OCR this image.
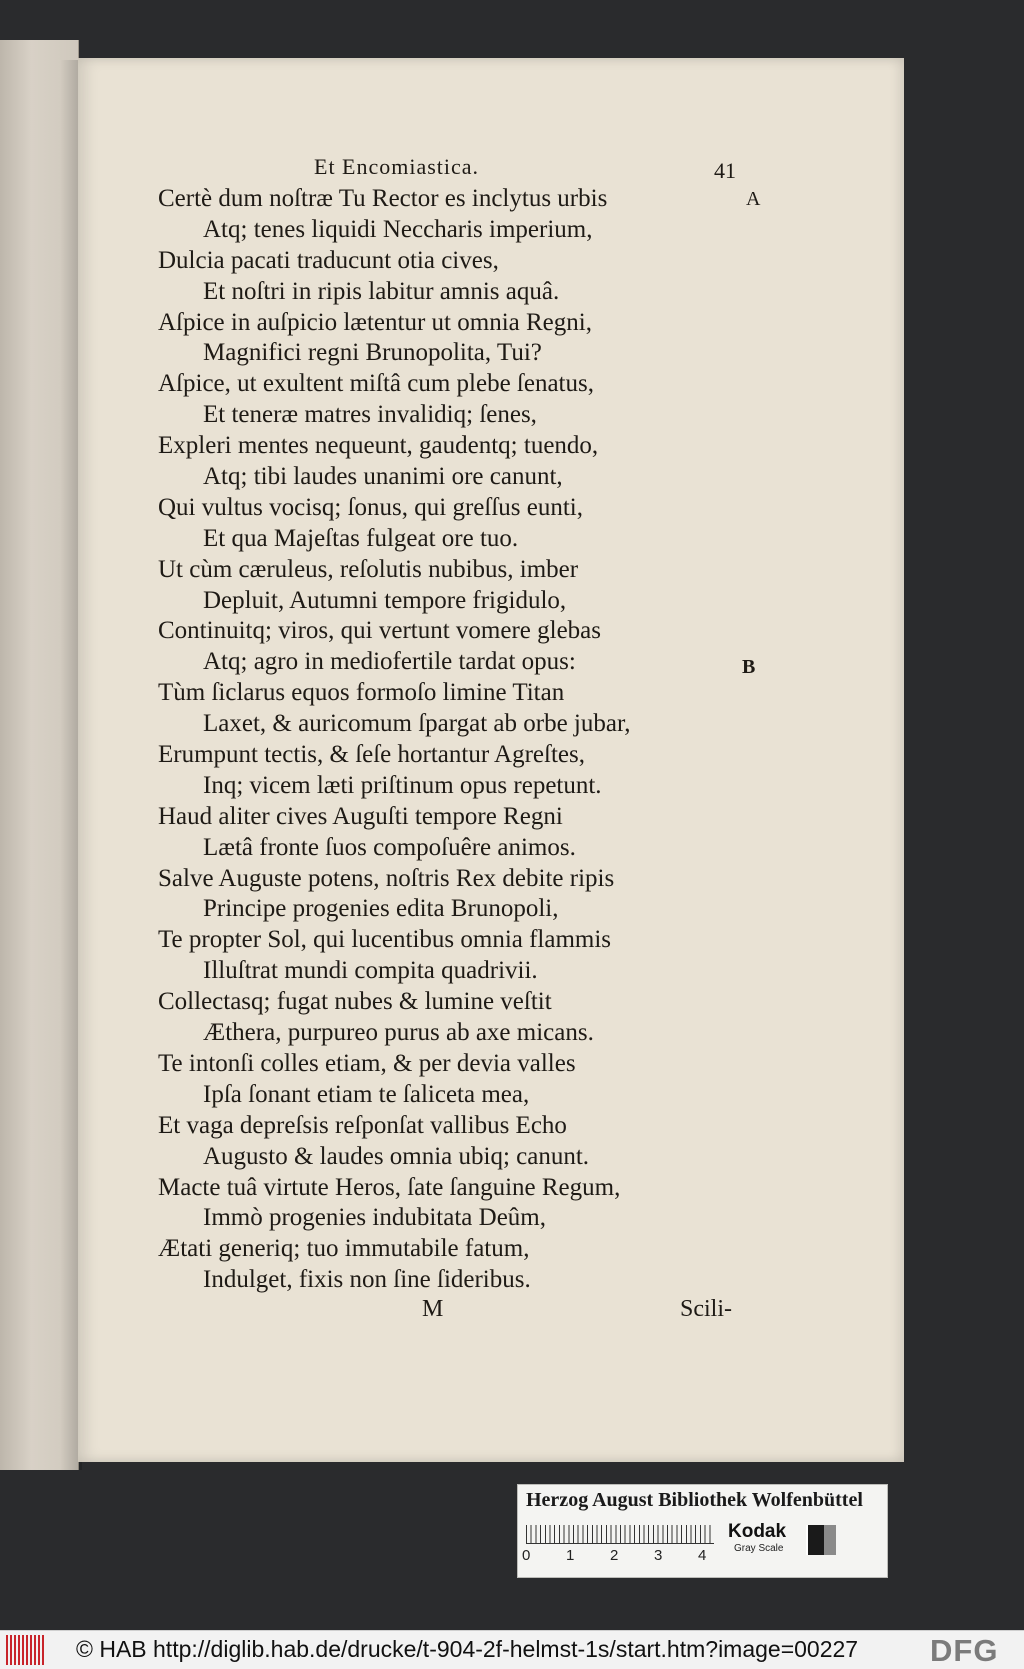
Et Encomiastica.	41
A
B
Certè dum noſtræ Tu Rector es inclytus urbis
Atq; tenes liquidi Neccharis imperium,
Dulcia pacati traducunt otia cives,
Et noſtri in ripis labitur amnis aquâ.
Aſpice in auſpicio lætentur ut omnia Regni,
Magnifici regni Brunopolita, Tui?
Aſpice, ut exultent miſtâ cum plebe ſenatus,
Et teneræ matres invalidiq; ſenes,
Expleri mentes nequeunt, gaudentq; tuendo,
Atq; tibi laudes unanimi ore canunt,
Qui vultus vocisq; ſonus, qui greſſus eunti,
Et qua Majeſtas fulgeat ore tuo.
Ut cùm cæruleus, reſolutis nubibus, imber
Depluit, Autumni tempore frigidulo,
Continuitq; viros, qui vertunt vomere glebas
Atq; agro in mediofertile tardat opus:
Tùm ſiclarus equos formoſo limine Titan
Laxet, & auricomum ſpargat ab orbe jubar,
Erumpunt tectis, & ſeſe hortantur Agreſtes,
Inq; vicem læti priſtinum opus repetunt.
Haud aliter cives Auguſti tempore Regni
Lætâ fronte ſuos compoſuêre animos.
Salve Auguste potens, noſtris Rex debite ripis
Principe progenies edita Brunopoli,
Te propter Sol, qui lucentibus omnia flammis
Illuſtrat mundi compita quadrivii.
Collectasq; fugat nubes & lumine veſtit
Æthera, purpureo purus ab axe micans.
Te intonſi colles etiam, & per devia valles
Ipſa ſonant etiam te ſaliceta mea,
Et vaga depreſsis reſponſat vallibus Echo
Augusto & laudes omnia ubiq; canunt.
Macte tuâ virtute Heros, ſate ſanguine Regum,
Immò progenies indubitata Deûm,
Ætati generiq; tuo immutabile fatum,
Indulget, fixis non ſine ſideribus.
M	Scili-
Herzog August Bibliothek Wolfenbüttel
0 1 2 3 4
Kodak
Gray Scale
© HAB http://diglib.hab.de/drucke/t-904-2f-helmst-1s/start.htm?image=00227 DFG
